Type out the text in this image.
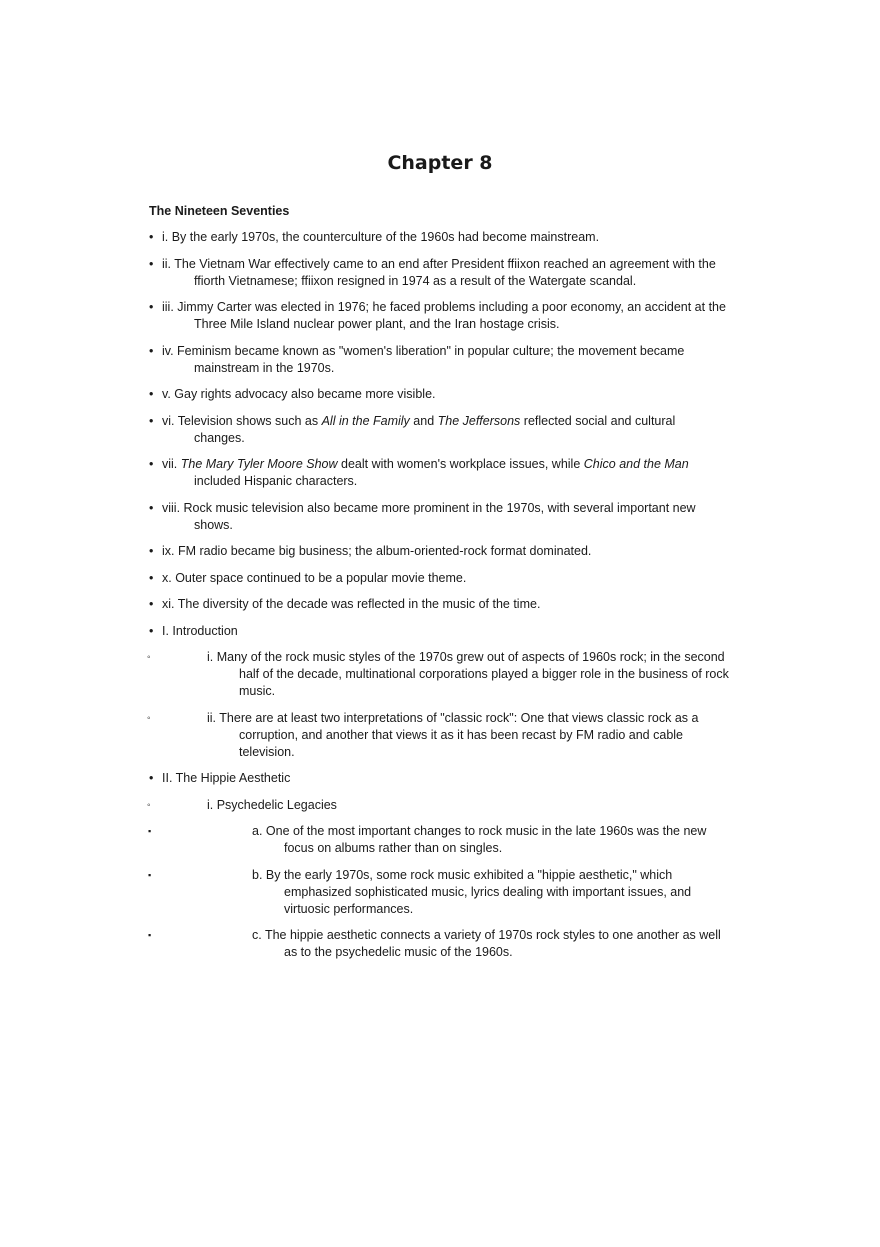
Chapter 8

The Nineteen Seventies

• i. By the early 1970s, the counterculture of the 1960s had become mainstream.
• ii. The Vietnam War effectively came to an end after President ffiixon reached an agreement with the ffiorth Vietnamese; ffiixon resigned in 1974 as a result of the Watergate scandal.
• iii. Jimmy Carter was elected in 1976; he faced problems including a poor economy, an accident at the Three Mile Island nuclear power plant, and the Iran hostage crisis.
• iv. Feminism became known as "women's liberation" in popular culture; the movement became mainstream in the 1970s.
• v. Gay rights advocacy also became more visible.
• vi. Television shows such as All in the Family and The Jeffersons reflected social and cultural changes.
• vii. The Mary Tyler Moore Show dealt with women's workplace issues, while Chico and the Man included Hispanic characters.
• viii. Rock music television also became more prominent in the 1970s, with several important new shows.
• ix. FM radio became big business; the album-oriented-rock format dominated.
• x. Outer space continued to be a popular movie theme.
• xi. The diversity of the decade was reflected in the music of the time.
• I. Introduction
◦	i. Many of the rock music styles of the 1970s grew out of aspects of 1960s rock; in the second half of the decade, multinational corporations played a bigger role in the business of rock music.
◦	ii. There are at least two interpretations of "classic rock": One that views classic rock as a corruption, and another that views it as it has been recast by FM radio and cable television.
• II. The Hippie Aesthetic
◦	i. Psychedelic Legacies
▪	a. One of the most important changes to rock music in the late 1960s was the new focus on albums rather than on singles.
▪	b. By the early 1970s, some rock music exhibited a "hippie aesthetic," which emphasized sophisticated music, lyrics dealing with important issues, and virtuosic performances.
▪	c. The hippie aesthetic connects a variety of 1970s rock styles to one another as well as to the psychedelic music of the 1960s.
